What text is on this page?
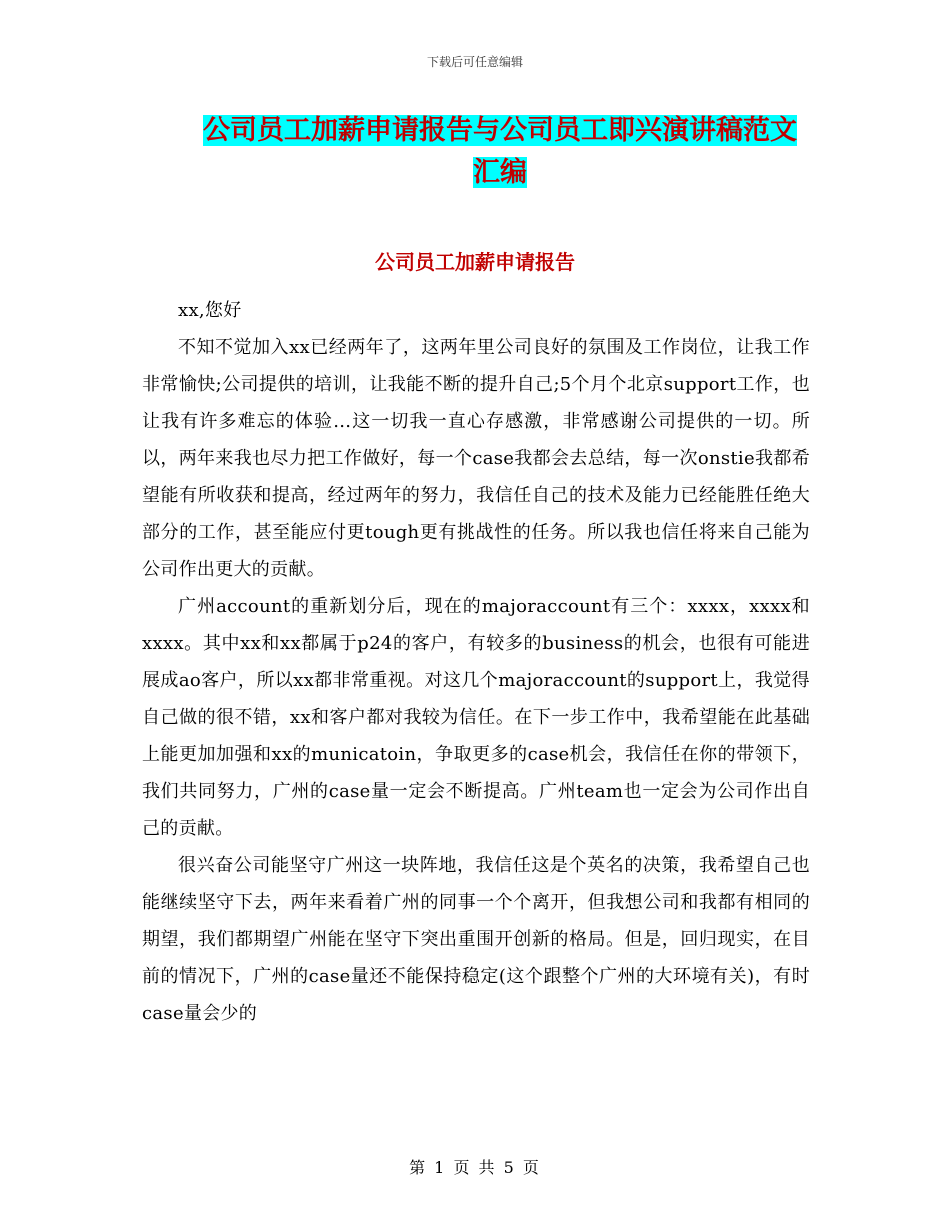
下载后可任意编辑
公司员工加薪申请报告与公司员工即兴演讲稿范文汇编
公司员工加薪申请报告

xx,您好

不知不觉加入xx已经两年了，这两年里公司良好的氛围及工作岗位，让我工作非常愉快;公司提供的培训，让我能不断的提升自己;5个月个北京support工作，也让我有许多难忘的体验…这一切我一直心存感激，非常感谢公司提供的一切。所以，两年来我也尽力把工作做好，每一个case我都会去总结，每一次onstie我都希望能有所收获和提高，经过两年的努力，我信任自己的技术及能力已经能胜任绝大部分的工作，甚至能应付更tough更有挑战性的任务。所以我也信任将来自己能为公司作出更大的贡献。

广州account的重新划分后，现在的majoraccount有三个：xxxx，xxxx和xxxx。其中xx和xx都属于p24的客户，有较多的business的机会，也很有可能进展成ao客户，所以xx都非常重视。对这几个majoraccount的support上，我觉得自己做的很不错，xx和客户都对我较为信任。在下一步工作中，我希望能在此基础上能更加加强和xx的municatoin，争取更多的case机会，我信任在你的带领下，我们共同努力，广州的case量一定会不断提高。广州team也一定会为公司作出自己的贡献。

很兴奋公司能坚守广州这一块阵地，我信任这是个英名的决策，我希望自己也能继续坚守下去，两年来看着广州的同事一个个离开，但我想公司和我都有相同的期望，我们都期望广州能在坚守下突出重围开创新的格局。但是，回归现实，在目前的情况下，广州的case量还不能保持稳定(这个跟整个广州的大环境有关)，有时case量会少的

第 1 页 共 5 页
